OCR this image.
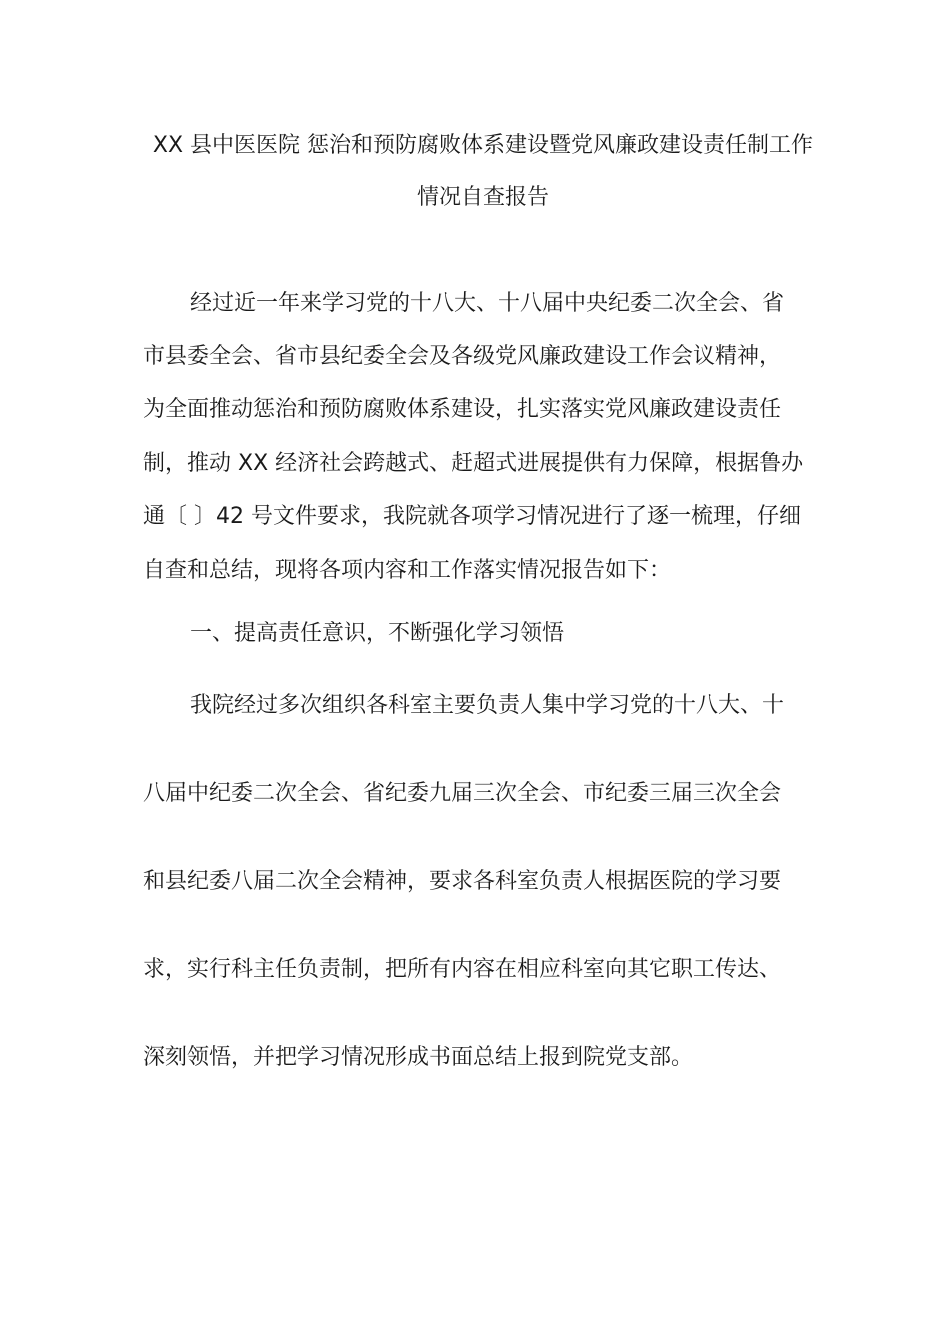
XX 县中医医院 惩治和预防腐败体系建设暨党风廉政建设责任制工作
情况自查报告
经过近一年来学习党的十八大、十八届中央纪委二次全会、省
市县委全会、省市县纪委全会及各级党风廉政建设工作会议精神，
为全面推动惩治和预防腐败体系建设，扎实落实党风廉政建设责任
制，推动 XX 经济社会跨越式、赶超式进展提供有力保障，根据鲁办
通〔 〕42 号文件要求，我院就各项学习情况进行了逐一梳理，仔细
自查和总结，现将各项内容和工作落实情况报告如下：
一、提高责任意识，不断强化学习领悟
我院经过多次组织各科室主要负责人集中学习党的十八大、十
八届中纪委二次全会、省纪委九届三次全会、市纪委三届三次全会
和县纪委八届二次全会精神，要求各科室负责人根据医院的学习要
求，实行科主任负责制，把所有内容在相应科室向其它职工传达、
深刻领悟，并把学习情况形成书面总结上报到院党支部。
